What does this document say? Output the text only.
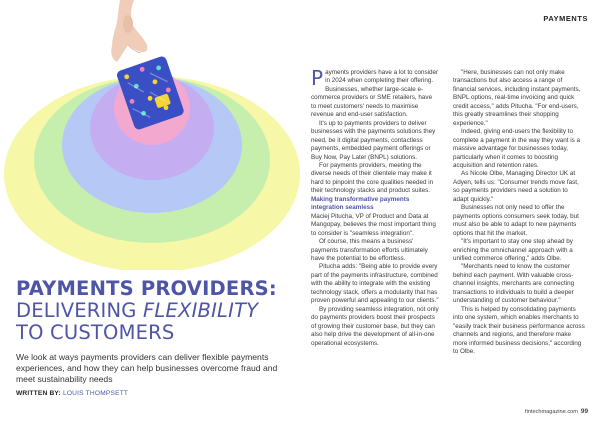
PAYMENTS PROVIDERS:
DELIVERING FLEXIBILITY
TO CUSTOMERS

We look at ways payments providers can deliver flexible payments experiences, and how they can help businesses overcome fraud and meet sustainability needs

WRITTEN BY: LOUIS THOMPSETT
PAYMENTS

Payments providers have a lot to consider in 2024 when completing their offering. Businesses, whether large-scale e-commerce providers or SME retailers, have to meet customers' needs to maximise revenue and end-user satisfaction.

It's up to payments providers to deliver businesses with the payments solutions they need, be it digital payments, contactless payments, embedded payment offerings or Buy Now, Pay Later (BNPL) solutions.

For payments providers, meeting the diverse needs of their clientele may make it hard to pinpoint the core qualities needed in their technology stacks and product suites.

Making transformative payments integration seamless

Maciej Pitucha, VP of Product and Data at Mangopay, believes the most important thing to consider is "seamless integration".

Of course, this means a business' payments transformation efforts ultimately have the potential to be effortless.

Pitucha adds: "Being able to provide every part of the payments infrastructure, combined with the ability to integrate with the existing technology stack, offers a modularity that has proven powerful and appealing to our clients."

By providing seamless integration, not only do payments providers boost their prospects of growing their customer base, but they can also help drive the development of all-in-one operational ecosystems.

"Here, businesses can not only make transactions but also access a range of financial services, including instant payments, BNPL options, real-time invoicing and quick credit access," adds Pitucha. "For end-users, this greatly streamlines their shopping experience."

Indeed, giving end-users the flexibility to complete a payment in the way they want is a massive advantage for businesses today, particularly when it comes to boosting acquisition and retention rates.

As Nicole Olbe, Managing Director UK at Adyen, tells us: "Consumer trends move fast, so payments providers need a solution to adapt quickly."

Businesses not only need to offer the payments options consumers seek today, but must also be able to adapt to new payments options that hit the market.

"It's important to stay one step ahead by enriching the omnichannel approach with a unified commerce offering," adds Olbe.

"Merchants need to know the customer behind each payment. With valuable cross-channel insights, merchants are connecting transactions to individuals to build a deeper understanding of customer behaviour."

This is helped by consolidating payments into one system, which enables merchants to "easily track their business performance across channels and regions, and therefore make more informed business decisions," according to Olbe.

fintechmagazine.com 99
